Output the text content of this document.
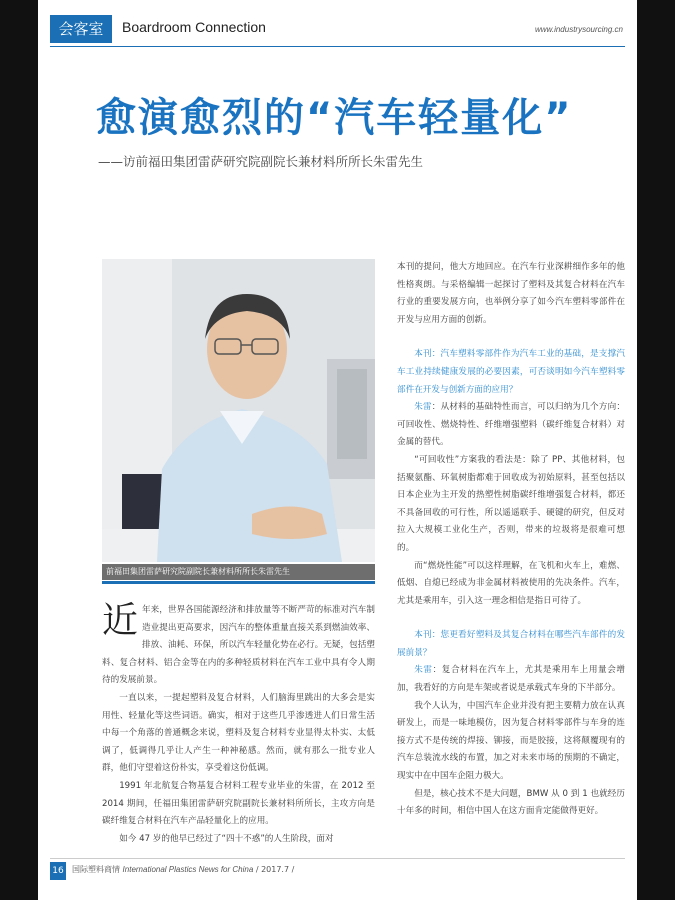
会客室	Boardroom Connection	www.industrysourcing.cn
愈演愈烈的“汽车轻量化”
——访前福田集团雷萨研究院副院长兼材料所所长朱雷先生
前福田集团雷萨研究院副院长兼材料所所长朱雷先生
近 年来，世界各国能源经济和排放量等不断严苛的标准对汽车制造业提出更高要求，因汽车的整体重量直接关系到燃油效率、排放、油耗、环保，所以汽车轻量化势在必行。无疑，包括塑料、复合材料、铝合金等在内的多种轻质材料在汽车工业中具有令人期待的发展前景。

一直以来，一提起塑料及复合材料，人们脑海里跳出的大多会是实用性、轻量化等这些词语。确实，相对于这些几乎渗透进人们日常生活中每一个角落的普通概念来说，塑料及复合材料专业显得太朴实、太低调了，低调得几乎让人产生一种神秘感。然而，就有那么一批专业人群，他们守望着这份朴实，享受着这份低调。

1991 年北航复合物基复合材料工程专业毕业的朱雷，在 2012 至 2014 期间，任福田集团雷萨研究院副院长兼材料所所长，主攻方向是碳纤维复合材料在汽车产品轻量化上的应用。

如今 47 岁的他早已经过了“四十不惑”的人生阶段，面对

本刊的提问，他大方地回应。在汽车行业深耕细作多年的他性格爽朗。与采格编辑一起探讨了塑料及其复合材料在汽车行业的重要发展方向，也举例分享了如今汽车塑料零部件在开发与应用方面的创新。

本刊：汽车塑料零部件作为汽车工业的基础，是支撑汽车工业持续健康发展的必要因素，可否谈明如今汽车塑料零部件在开发与创新方面的应用？

朱雷：从材料的基础特性而言，可以归纳为几个方向：可回收性、燃烧特性、纤维增强塑料（碳纤维复合材料）对金属的替代。

“可回收性”方案我的看法是：除了 PP、其他材料，包括聚氨酯、环氧树脂都难于回收成为初始原料，甚至包括以日本企业为主开发的热塑性树脂碳纤维增强复合材料，都还不具备回收的可行性，所以遥遥联手、硬键的研究，但反对拉入大规模工业化生产，否则，带来的垃圾将是很难可想的。

而“燃烧性能”可以这样理解，在飞机和火车上，难燃、低烟、自熄已经成为非金属材料被使用的先决条件。汽车，尤其是乘用车，引入这一理念相信是指日可待了。

本刊：您更看好塑料及其复合材料在哪些汽车部件的发展前景？

朱雷：复合材料在汽车上，尤其是乘用车上用量会增加，我看好的方向是车架或者说是承载式车身的下半部分。

我个人认为，中国汽车企业并没有把主要精力放在认真研发上，而是一味地模仿，因为复合材料零部件与车身的连接方式不是传统的焊接、铆接，而是胶接，这将颠覆现有的汽车总装流水线的布置，加之对未来市场的预期的不确定，现实中在中国车企阻力极大。

但是，核心技术不是大问题，BMW 从 0 到 1 也就经历十年多的时间，相信中国人在这方面肯定能做得更好。

16 国际塑料商情 International Plastics News for China / 2017.7 /
